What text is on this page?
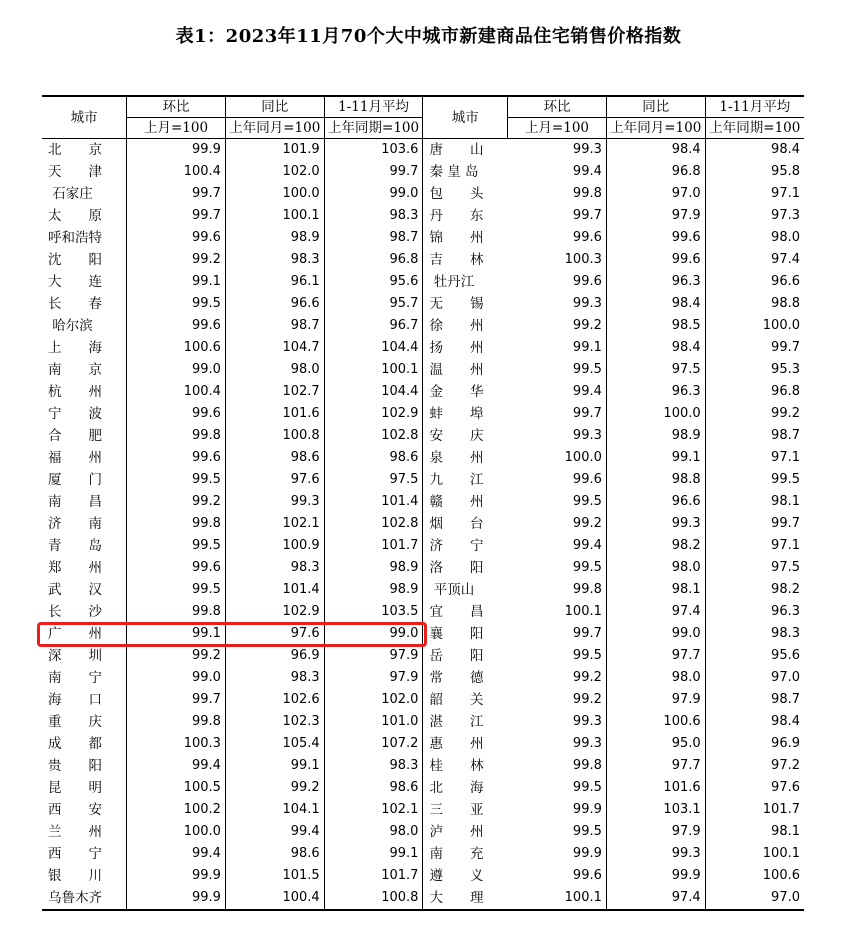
表1：2023年11月70个大中城市新建商品住宅销售价格指数
城市	环比	同比	1-11月平均	城市	环比	同比	1-11月平均
	上月=100	上年同月=100	上年同期=100		上月=100	上年同月=100	上年同期=100
北　　京	99.9	101.9	103.6	唐　　山	99.3	98.4	98.4
天　　津	100.4	102.0	99.7	秦 皇 岛	99.4	96.8	95.8
石家庄	99.7	100.0	99.0	包　　头	99.8	97.0	97.1
太　　原	99.7	100.1	98.3	丹　　东	99.7	97.9	97.3
呼和浩特	99.6	98.9	98.7	锦　　州	99.6	99.6	98.0
沈　　阳	99.2	98.3	96.8	吉　　林	100.3	99.6	97.4
大　　连	99.1	96.1	95.6	牡丹江	99.6	96.3	96.6
长　　春	99.5	96.6	95.7	无　　锡	99.3	98.4	98.8
哈尔滨	99.6	98.7	96.7	徐　　州	99.2	98.5	100.0
上　　海	100.6	104.7	104.4	扬　　州	99.1	98.4	99.7
南　　京	99.0	98.0	100.1	温　　州	99.5	97.5	95.3
杭　　州	100.4	102.7	104.4	金　　华	99.4	96.3	96.8
宁　　波	99.6	101.6	102.9	蚌　　埠	99.7	100.0	99.2
合　　肥	99.8	100.8	102.8	安　　庆	99.3	98.9	98.7
福　　州	99.6	98.6	98.6	泉　　州	100.0	99.1	97.1
厦　　门	99.5	97.6	97.5	九　　江	99.6	98.8	99.5
南　　昌	99.2	99.3	101.4	赣　　州	99.5	96.6	98.1
济　　南	99.8	102.1	102.8	烟　　台	99.2	99.3	99.7
青　　岛	99.5	100.9	101.7	济　　宁	99.4	98.2	97.1
郑　　州	99.6	98.3	98.9	洛　　阳	99.5	98.0	97.5
武　　汉	99.5	101.4	98.9	平顶山	99.8	98.1	98.2
长　　沙	99.8	102.9	103.5	宜　　昌	100.1	97.4	96.3
广　　州	99.1	97.6	99.0	襄　　阳	99.7	99.0	98.3
深　　圳	99.2	96.9	97.9	岳　　阳	99.5	97.7	95.6
南　　宁	99.0	98.3	97.9	常　　德	99.2	98.0	97.0
海　　口	99.7	102.6	102.0	韶　　关	99.2	97.9	98.7
重　　庆	99.8	102.3	101.0	湛　　江	99.3	100.6	98.4
成　　都	100.3	105.4	107.2	惠　　州	99.3	95.0	96.9
贵　　阳	99.4	99.1	98.3	桂　　林	99.8	97.7	97.2
昆　　明	100.5	99.2	98.6	北　　海	99.5	101.6	97.6
西　　安	100.2	104.1	102.1	三　　亚	99.9	103.1	101.7
兰　　州	100.0	99.4	98.0	泸　　州	99.5	97.9	98.1
西　　宁	99.4	98.6	99.1	南　　充	99.9	99.3	100.1
银　　川	99.9	101.5	101.7	遵　　义	99.6	99.9	100.6
乌鲁木齐	99.9	100.4	100.8	大　　理	100.1	97.4	97.0
